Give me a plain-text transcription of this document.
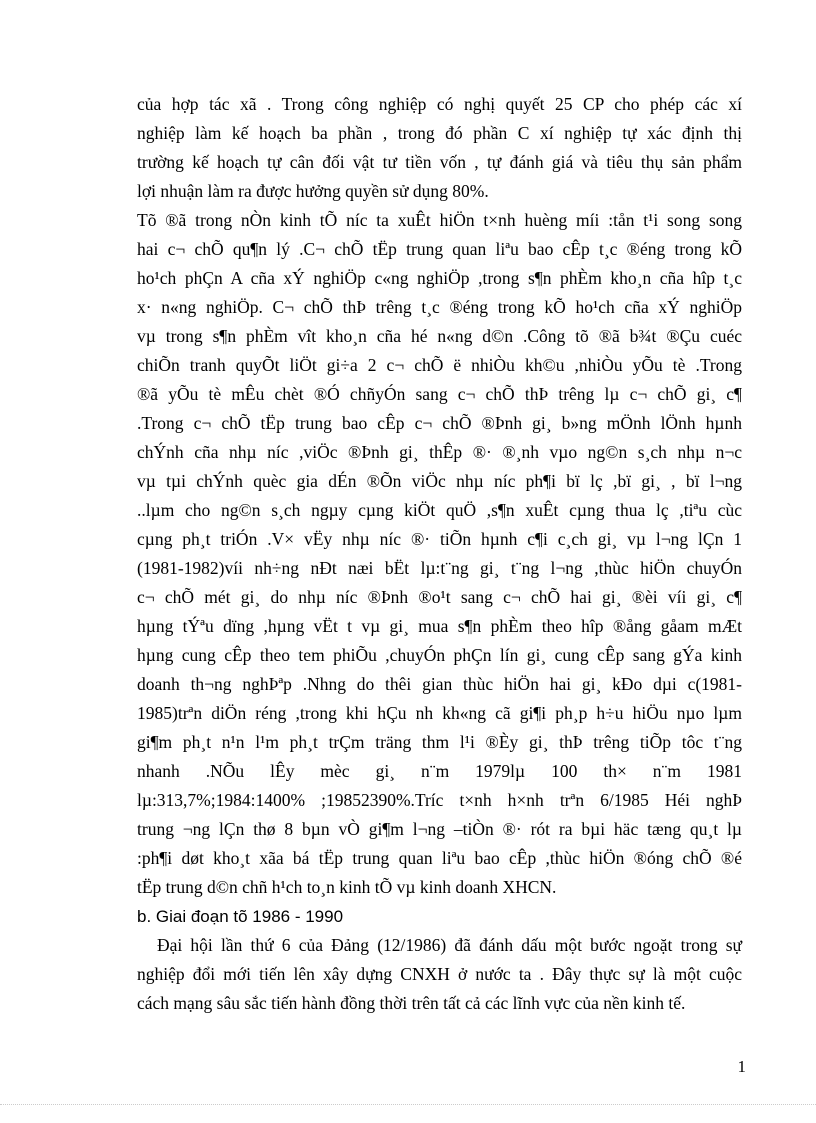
của hợp tác xã . Trong công nghiệp có nghị quyết 25 CP cho phép các xí
nghiệp làm kế hoạch ba phần , trong đó phần C xí nghiệp tự xác định thị
trường kế hoạch tự cân đối vật tư tiền vốn , tự đánh giá và tiêu thụ sản phẩm
lợi nhuận làm ra được hưởng quyền sử dụng 80%.
Tõ ®ã trong nÒn kinh tÕ níc ta xuÊt hiÖn t×nh huèng míi :tån t¹i song song
hai c¬ chÕ qu¶n lý .C¬ chÕ tËp trung quan liªu bao cÊp t¸c ®éng trong kÕ
ho¹ch phÇn A cña xÝ nghiÖp c«ng nghiÖp ,trong s¶n phÈm kho¸n cña hîp t¸c
x· n«ng nghiÖp. C¬ chÕ thÞ trêng t¸c ®éng trong kÕ ho¹ch cña xÝ nghiÖp
vµ trong s¶n phÈm vît kho¸n cña hé n«ng d©n .Công tõ ®ã b¾t ®Çu cuéc
chiÕn tranh quyÕt liÖt gi÷a 2 c¬ chÕ ë nhiÒu kh©u ,nhiÒu yÕu tè .Trong
®ã yÕu tè mÊu chèt ®Ó chñyÓn sang c¬ chÕ thÞ trêng lµ c¬ chÕ gi¸ c¶
.Trong c¬ chÕ tËp trung bao cÊp c¬ chÕ ®Þnh gi¸ b»ng mÖnh lÖnh hµnh
chÝnh cña nhµ níc ,viÖc ®Þnh gi¸ thÊp ®· ®¸nh vµo ng©n s¸ch nhµ n¬c
vµ tµi chÝnh quèc gia dÉn ®Õn viÖc nhµ níc ph¶i bï lç ,bï gi¸ , bï l¬ng
..lµm cho ng©n s¸ch ngµy cµng kiÖt quÖ ,s¶n xuÊt cµng thua lç ,tiªu cùc
cµng ph¸t triÓn .V× vËy nhµ níc ®· tiÕn hµnh c¶i c¸ch gi¸ vµ l¬ng lÇn 1
(1981-1982)víi nh÷ng nÐt næi bËt lµ:t¨ng gi¸ t¨ng l¬ng ,thùc hiÖn chuyÓn
c¬ chÕ mét gi¸ do nhµ níc ®Þnh ®o¹t sang c¬ chÕ hai gi¸ ®èi víi gi¸ c¶
hµng tÝªu dïng ,hµng vËt t vµ gi¸ mua s¶n phÈm theo hîp ®ång gåam mÆt
hµng cung cÊp theo tem phiÕu ,chuyÓn phÇn lín gi¸ cung cÊp sang gÝa kinh
doanh th¬ng nghÞªp .Nhng do thêi gian thùc hiÖn hai gi¸ kÐo dµi c(1981-
1985)trªn diÖn réng ,trong khi hÇu nh kh«ng cã gi¶i ph¸p h÷u hiÖu nµo lµm
gi¶m ph¸t n¹n l¹m ph¸t trÇm träng thm l¹i ®Èy gi¸ thÞ trêng tiÕp tôc t¨ng
nhanh .NÕu lÊy mèc gi¸ n¨m 1979lµ 100 th× n¨m 1981
lµ:313,7%;1984:1400% ;19852390%.Tríc t×nh h×nh trªn 6/1985 Héi nghÞ
trung ¬ng lÇn thø 8 bµn vÒ gi¶m l¬ng –tiÒn ®· rót ra bµi häc tæng qu¸t lµ
:ph¶i døt kho¸t xãa bá tËp trung quan liªu bao cÊp ,thùc hiÖn ®óng chÕ ®é
tËp trung d©n chñ h¹ch to¸n kinh tÕ vµ kinh doanh XHCN.
b. Giai đoạn tõ 1986 - 1990
Đại hội lần thứ 6 của Đảng (12/1986) đã đánh dấu một bước ngoặt trong sự
nghiệp đổi mới tiến lên xây dựng CNXH ở nước ta . Đây thực sự là một cuộc
cách mạng sâu sắc tiến hành đồng thời trên tất cả các lĩnh vực của nền kinh tế.
1
